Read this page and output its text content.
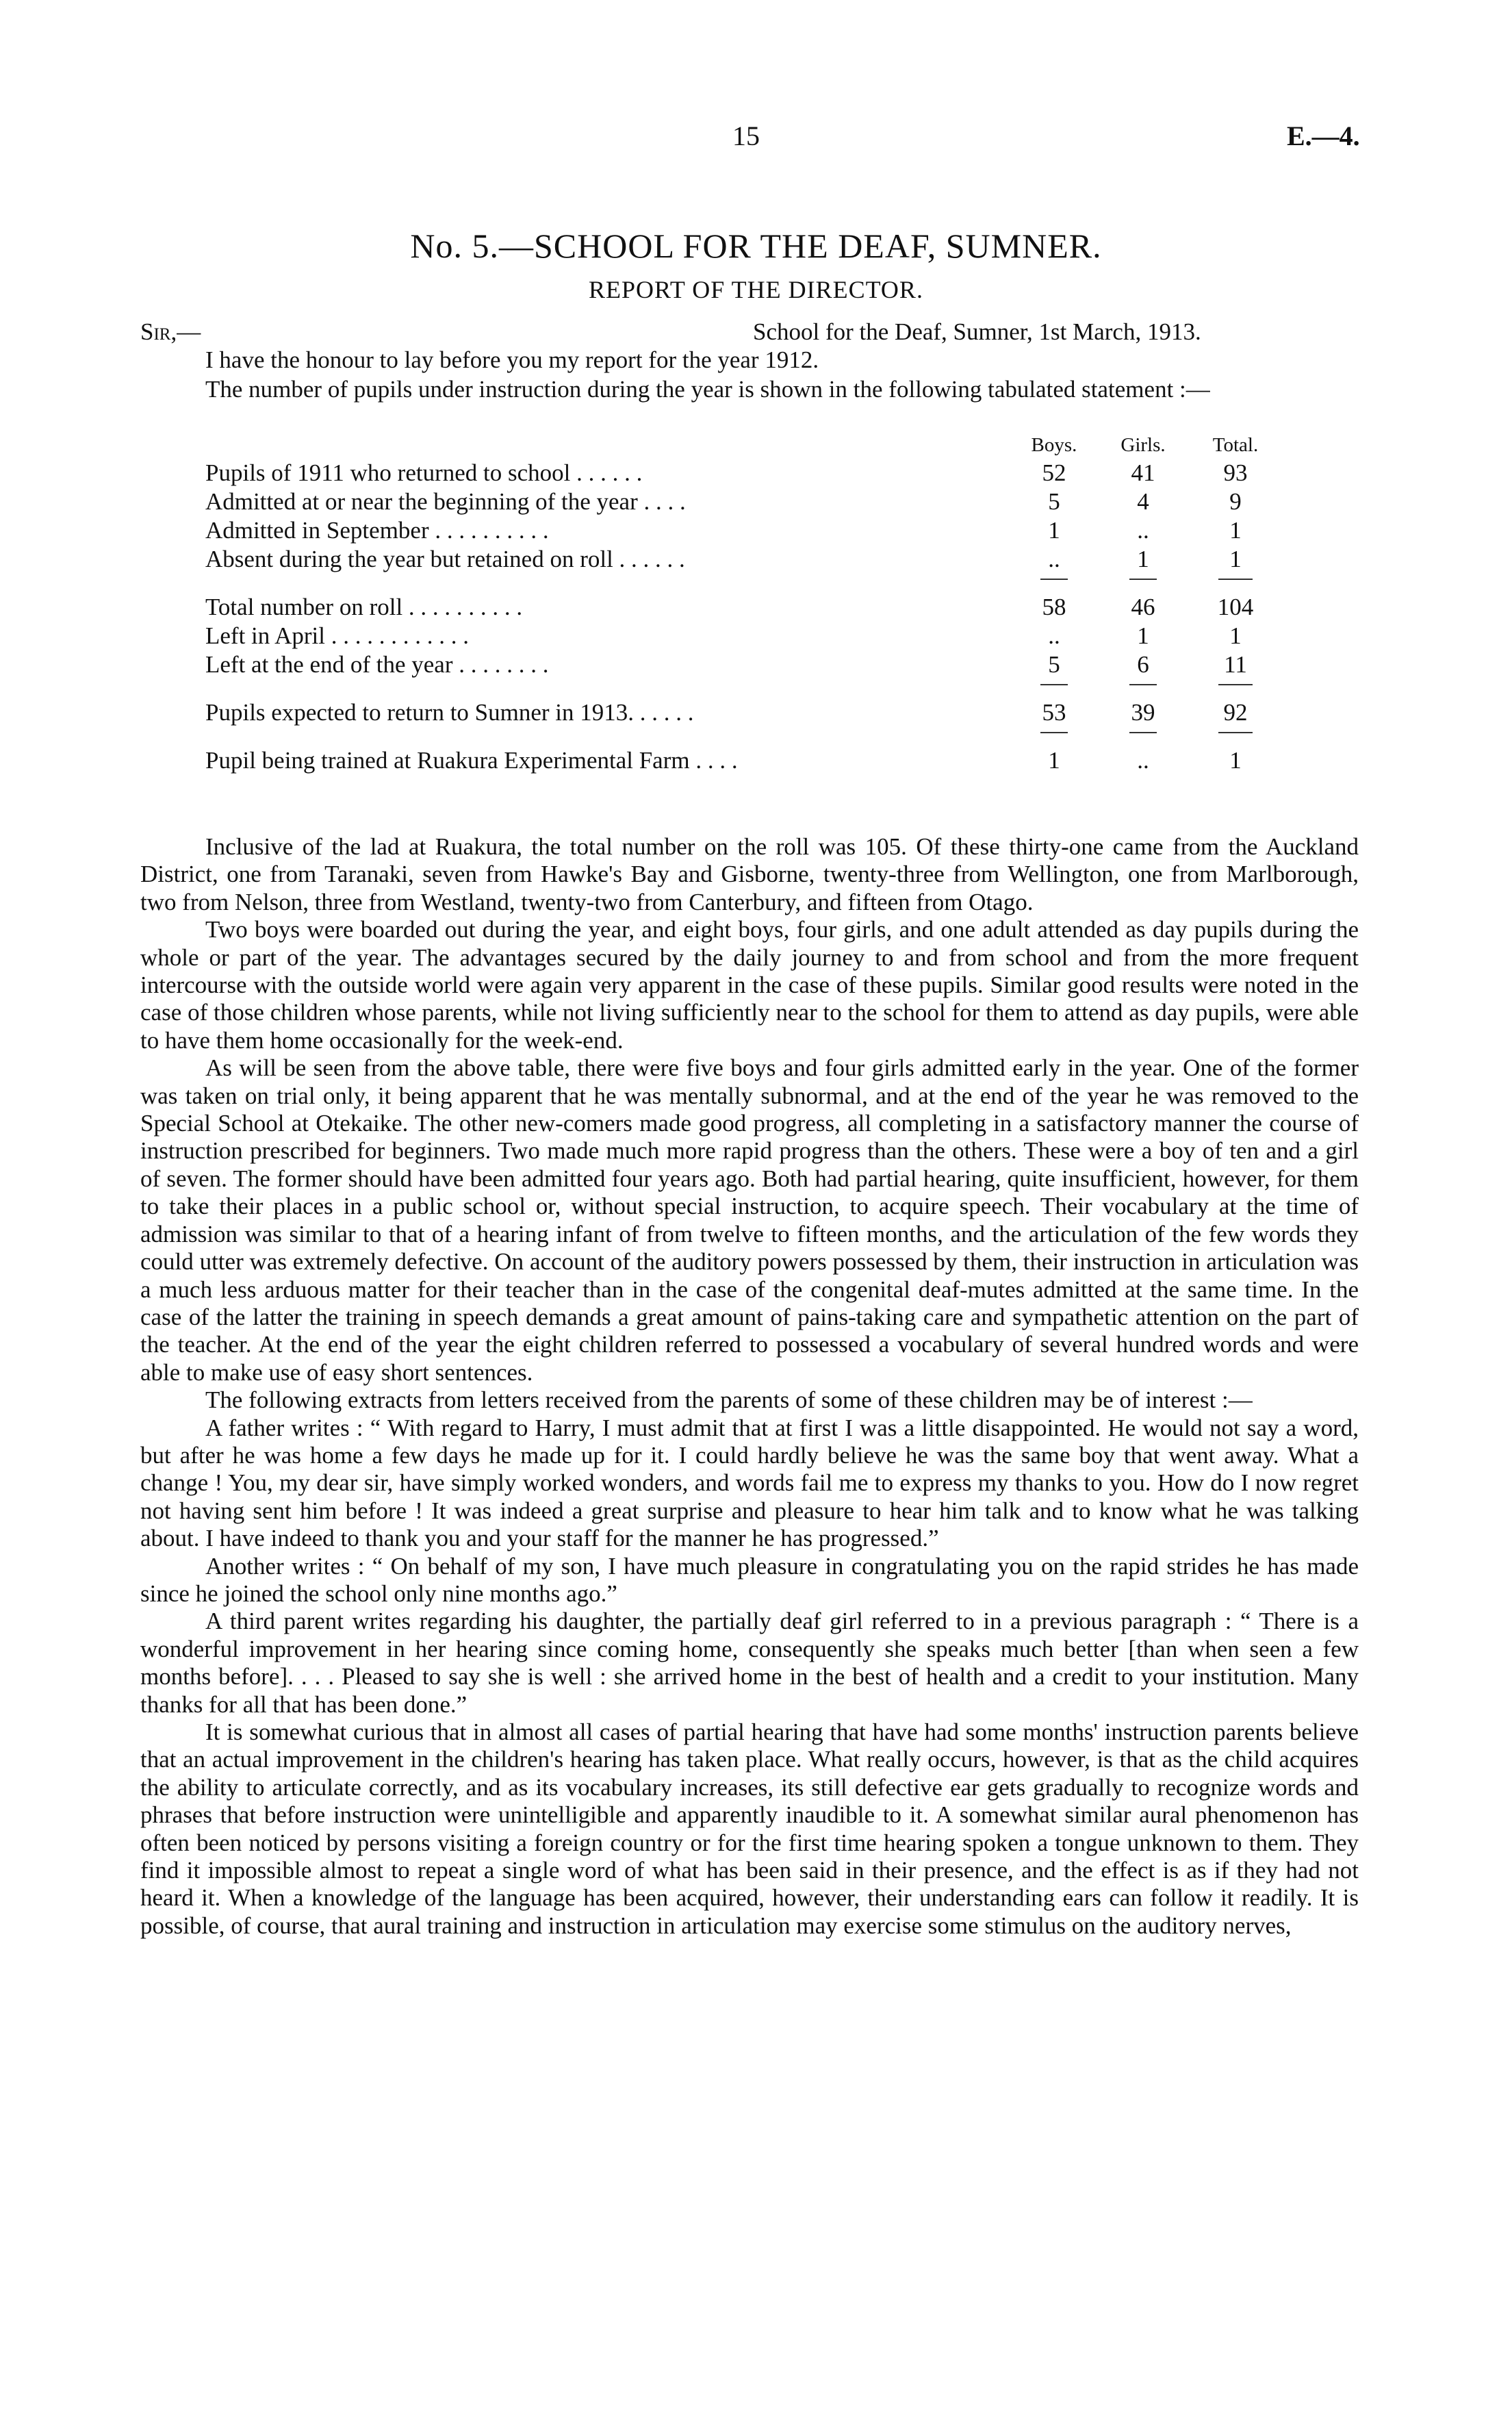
15	E.—4.
No. 5.—SCHOOL FOR THE DEAF, SUMNER.
REPORT OF THE DIRECTOR.
Sir,—	School for the Deaf, Sumner, 1st March, 1913.

I have the honour to lay before you my report for the year 1912.

The number of pupils under instruction during the year is shown in the following tabulated statement :—

	Boys.	Girls.	Total.
Pupils of 1911 who returned to school . . . . . .	52	41	93
Admitted at or near the beginning of the year . . . .	5	4	9
Admitted in September . . . . . . . . . .	1	..	1
Absent during the year but retained on roll . . . . . .	..	1	1

Total number on roll . . . . . . . . . .	58	46	104
Left in April . . . . . . . . . . . .	..	1	1
Left at the end of the year . . . . . . . .	5	6	11

Pupils expected to return to Sumner in 1913. . . . . .	53	39	92

Pupil being trained at Ruakura Experimental Farm . . . .	1	..	1

Inclusive of the lad at Ruakura, the total number on the roll was 105. Of these thirty-one came from the Auckland District, one from Taranaki, seven from Hawke's Bay and Gisborne, twenty-three from Wellington, one from Marlborough, two from Nelson, three from Westland, twenty-two from Canterbury, and fifteen from Otago.

Two boys were boarded out during the year, and eight boys, four girls, and one adult attended as day pupils during the whole or part of the year. The advantages secured by the daily journey to and from school and from the more frequent intercourse with the outside world were again very apparent in the case of these pupils. Similar good results were noted in the case of those children whose parents, while not living sufficiently near to the school for them to attend as day pupils, were able to have them home occasionally for the week-end.

As will be seen from the above table, there were five boys and four girls admitted early in the year. One of the former was taken on trial only, it being apparent that he was mentally subnormal, and at the end of the year he was removed to the Special School at Otekaike. The other new-comers made good progress, all completing in a satisfactory manner the course of instruction prescribed for beginners. Two made much more rapid progress than the others. These were a boy of ten and a girl of seven. The former should have been admitted four years ago. Both had partial hearing, quite insufficient, however, for them to take their places in a public school or, without special instruction, to acquire speech. Their vocabulary at the time of admission was similar to that of a hearing infant of from twelve to fifteen months, and the articulation of the few words they could utter was extremely defective. On account of the auditory powers possessed by them, their instruction in articulation was a much less arduous matter for their teacher than in the case of the congenital deaf-mutes admitted at the same time. In the case of the latter the training in speech demands a great amount of pains-taking care and sympathetic attention on the part of the teacher. At the end of the year the eight children referred to possessed a vocabulary of several hundred words and were able to make use of easy short sentences.

The following extracts from letters received from the parents of some of these children may be of interest :—

A father writes : “ With regard to Harry, I must admit that at first I was a little disappointed. He would not say a word, but after he was home a few days he made up for it. I could hardly believe he was the same boy that went away. What a change ! You, my dear sir, have simply worked wonders, and words fail me to express my thanks to you. How do I now regret not having sent him before ! It was indeed a great surprise and pleasure to hear him talk and to know what he was talking about. I have indeed to thank you and your staff for the manner he has progressed.”

Another writes : “ On behalf of my son, I have much pleasure in congratulating you on the rapid strides he has made since he joined the school only nine months ago.”

A third parent writes regarding his daughter, the partially deaf girl referred to in a previous paragraph : “ There is a wonderful improvement in her hearing since coming home, consequently she speaks much better [than when seen a few months before]. . . . Pleased to say she is well : she arrived home in the best of health and a credit to your institution. Many thanks for all that has been done.”

It is somewhat curious that in almost all cases of partial hearing that have had some months' instruction parents believe that an actual improvement in the children's hearing has taken place. What really occurs, however, is that as the child acquires the ability to articulate correctly, and as its vocabulary increases, its still defective ear gets gradually to recognize words and phrases that before instruction were unintelligible and apparently inaudible to it. A somewhat similar aural phenomenon has often been noticed by persons visiting a foreign country or for the first time hearing spoken a tongue unknown to them. They find it impossible almost to repeat a single word of what has been said in their presence, and the effect is as if they had not heard it. When a knowledge of the language has been acquired, however, their understanding ears can follow it readily. It is possible, of course, that aural training and instruction in articulation may exercise some stimulus on the auditory nerves,
